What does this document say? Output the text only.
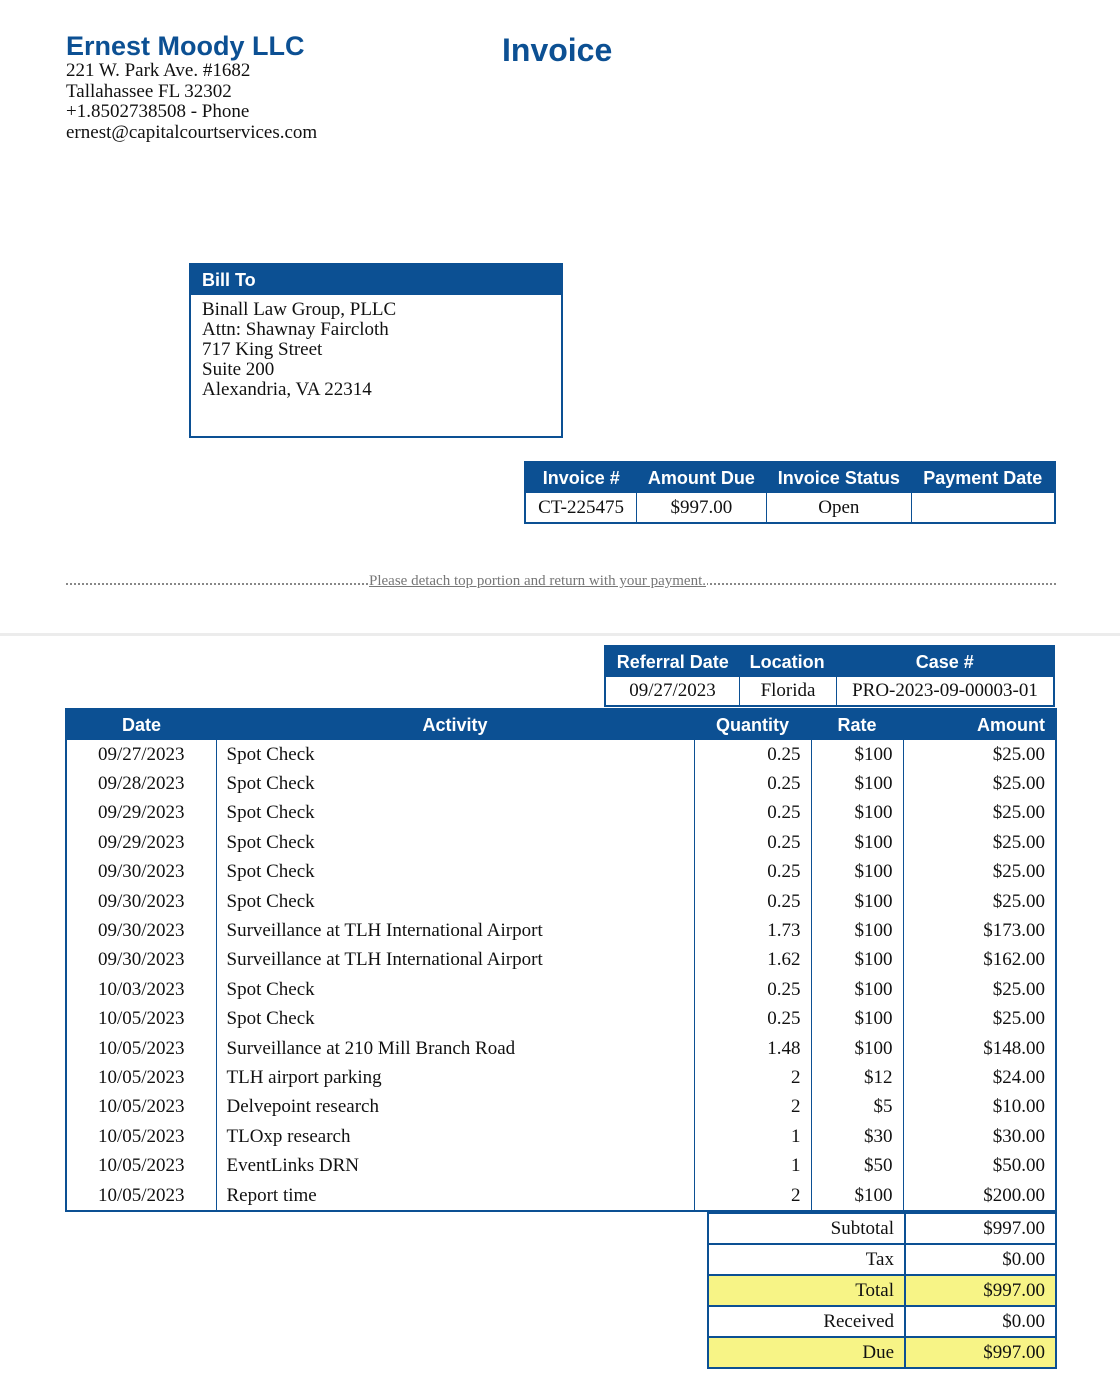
Ernest Moody LLC
221 W. Park Ave. #1682
Tallahassee FL 32302
+1.8502738508 - Phone
ernest@capitalcourtservices.com
Invoice
Bill To
Binall Law Group, PLLC
Attn: Shawnay Faircloth
717 King Street
Suite 200
Alexandria, VA 22314
Invoice #	Amount Due	Invoice Status	Payment Date
CT-225475	$997.00	Open	
Please detach top portion and return with your payment.
Referral Date	Location	Case #
09/27/2023	Florida	PRO-2023-09-00003-01
Date	Activity	Quantity	Rate	Amount
09/27/2023	Spot Check	0.25	$100	$25.00
09/28/2023	Spot Check	0.25	$100	$25.00
09/29/2023	Spot Check	0.25	$100	$25.00
09/29/2023	Spot Check	0.25	$100	$25.00
09/30/2023	Spot Check	0.25	$100	$25.00
09/30/2023	Spot Check	0.25	$100	$25.00
09/30/2023	Surveillance at TLH International Airport	1.73	$100	$173.00
09/30/2023	Surveillance at TLH International Airport	1.62	$100	$162.00
10/03/2023	Spot Check	0.25	$100	$25.00
10/05/2023	Spot Check	0.25	$100	$25.00
10/05/2023	Surveillance at 210 Mill Branch Road	1.48	$100	$148.00
10/05/2023	TLH airport parking	2	$12	$24.00
10/05/2023	Delvepoint research	2	$5	$10.00
10/05/2023	TLOxp research	1	$30	$30.00
10/05/2023	EventLinks DRN	1	$50	$50.00
10/05/2023	Report time	2	$100	$200.00
Subtotal	$997.00
Tax	$0.00
Total	$997.00
Received	$0.00
Due	$997.00
